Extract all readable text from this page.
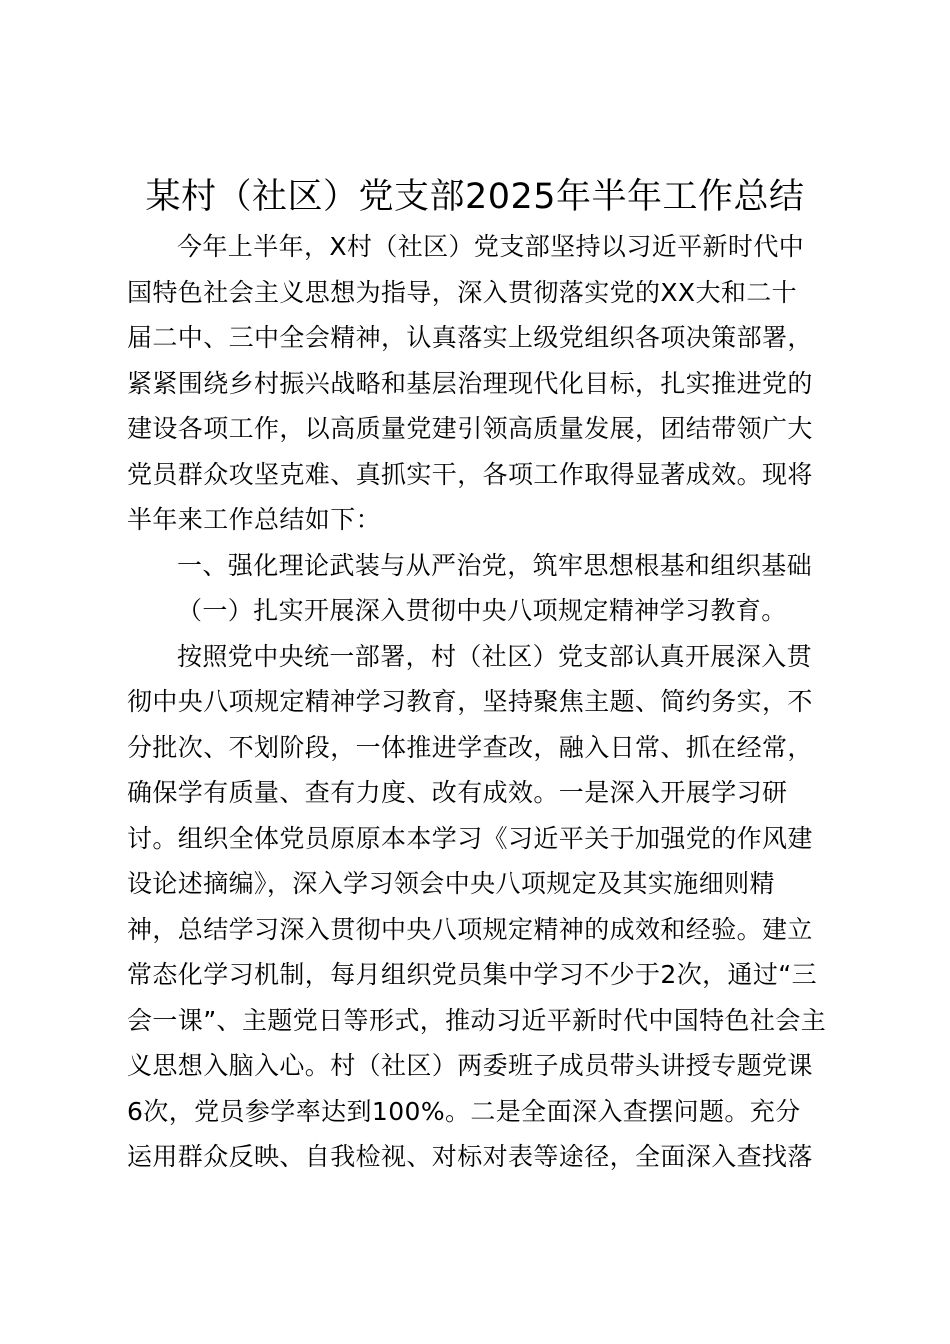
某村（社区）党支部2025年半年工作总结
今年上半年，X村（社区）党支部坚持以习近平新时代中
国特色社会主义思想为指导，深入贯彻落实党的XX大和二十
届二中、三中全会精神，认真落实上级党组织各项决策部署，
紧紧围绕乡村振兴战略和基层治理现代化目标，扎实推进党的
建设各项工作，以高质量党建引领高质量发展，团结带领广大
党员群众攻坚克难、真抓实干，各项工作取得显著成效。现将
半年来工作总结如下：
一、强化理论武装与从严治党，筑牢思想根基和组织基础
（一）扎实开展深入贯彻中央八项规定精神学习教育。
按照党中央统一部署，村（社区）党支部认真开展深入贯
彻中央八项规定精神学习教育，坚持聚焦主题、简约务实，不
分批次、不划阶段，一体推进学查改，融入日常、抓在经常，
确保学有质量、查有力度、改有成效。一是深入开展学习研
讨。组织全体党员原原本本学习《习近平关于加强党的作风建
设论述摘编》，深入学习领会中央八项规定及其实施细则精
神，总结学习深入贯彻中央八项规定精神的成效和经验。建立
常态化学习机制，每月组织党员集中学习不少于2次，通过“三
会一课”、主题党日等形式，推动习近平新时代中国特色社会主
义思想入脑入心。村（社区）两委班子成员带头讲授专题党课
6次，党员参学率达到100%。二是全面深入查摆问题。充分
运用群众反映、自我检视、对标对表等途径，全面深入查找落
